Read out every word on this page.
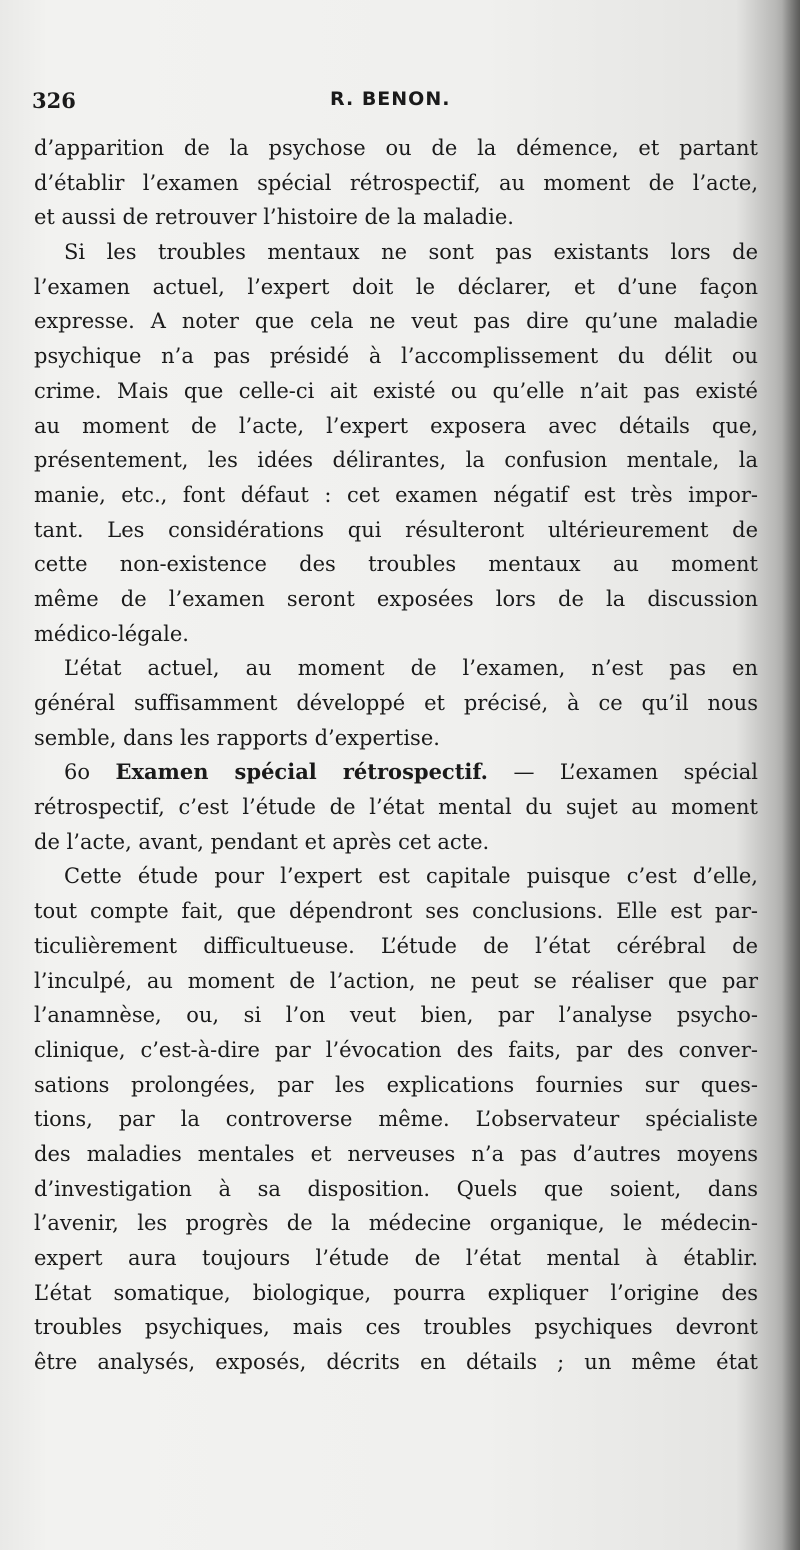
326	R. BENON.
d’apparition de la psychose ou de la démence, et partant
d’établir l’examen spécial rétrospectif, au moment de l’acte,
et aussi de retrouver l’histoire de la maladie.
Si les troubles mentaux ne sont pas existants lors de
l’examen actuel, l’expert doit le déclarer, et d’une façon
expresse. A noter que cela ne veut pas dire qu’une maladie
psychique n’a pas présidé à l’accomplissement du délit ou
crime. Mais que celle-ci ait existé ou qu’elle n’ait pas existé
au moment de l’acte, l’expert exposera avec détails que,
présentement, les idées délirantes, la confusion mentale, la
manie, etc., font défaut : cet examen négatif est très impor-
tant. Les considérations qui résulteront ultérieurement de
cette non-existence des troubles mentaux au moment
même de l’examen seront exposées lors de la discussion
médico-légale.
L’état actuel, au moment de l’examen, n’est pas en
général suffisamment développé et précisé, à ce qu’il nous
semble, dans les rapports d’expertise.
6o Examen spécial rétrospectif. — L’examen spécial
rétrospectif, c’est l’étude de l’état mental du sujet au moment
de l’acte, avant, pendant et après cet acte.
Cette étude pour l’expert est capitale puisque c’est d’elle,
tout compte fait, que dépendront ses conclusions. Elle est par-
ticulièrement difficultueuse. L’étude de l’état cérébral de
l’inculpé, au moment de l’action, ne peut se réaliser que par
l’anamnèse, ou, si l’on veut bien, par l’analyse psycho-
clinique, c’est-à-dire par l’évocation des faits, par des conver-
sations prolongées, par les explications fournies sur ques-
tions, par la controverse même. L’observateur spécialiste
des maladies mentales et nerveuses n’a pas d’autres moyens
d’investigation à sa disposition. Quels que soient, dans
l’avenir, les progrès de la médecine organique, le médecin-
expert aura toujours l’étude de l’état mental à établir.
L’état somatique, biologique, pourra expliquer l’origine des
troubles psychiques, mais ces troubles psychiques devront
être analysés, exposés, décrits en détails ; un même état
